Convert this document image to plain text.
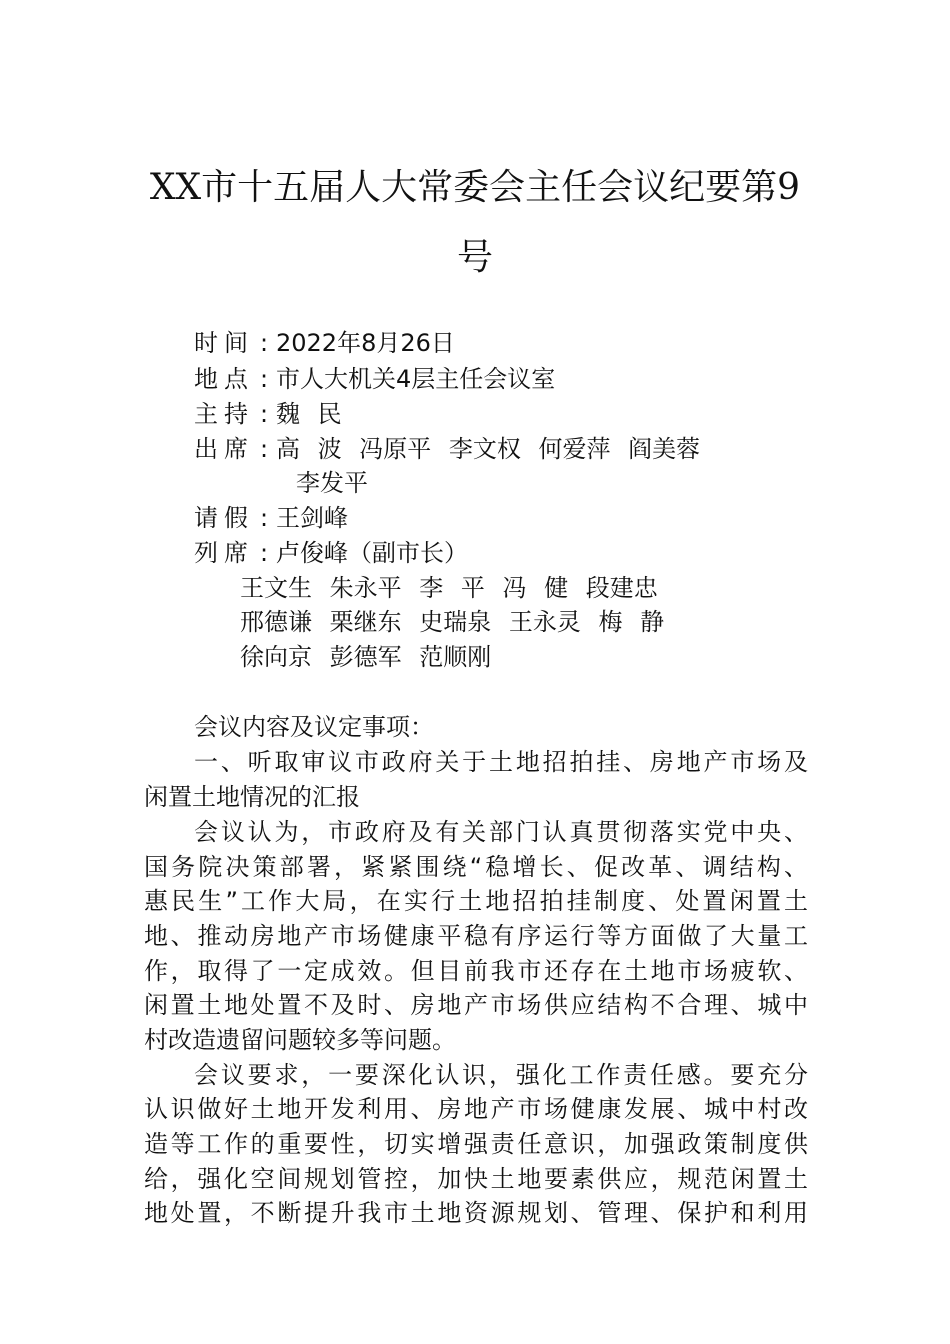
XX市十五届人大常委会主任会议纪要第9
号
时间 : 2022年8月26日
地点 : 市人大机关4层主任会议室
主持 : 魏 民
出席 : 高 波 冯原平 李文权 何爱萍 阎美蓉
李发平
请假 : 王剑峰
列席 : 卢俊峰（副市长）
王文生 朱永平 李 平 冯 健 段建忠
邢德谦 栗继东 史瑞泉 王永灵 梅 静
徐向京 彭德军 范顺刚
会议内容及议定事项：
一、听取审议市政府关于土地招拍挂、房地产市场及
闲置土地情况的汇报
会议认为，市政府及有关部门认真贯彻落实党中央、
国务院决策部署，紧紧围绕“稳增长、促改革、调结构、
惠民生”工作大局，在实行土地招拍挂制度、处置闲置土
地、推动房地产市场健康平稳有序运行等方面做了大量工
作，取得了一定成效。但目前我市还存在土地市场疲软、
闲置土地处置不及时、房地产市场供应结构不合理、城中
村改造遗留问题较多等问题。
会议要求，一要深化认识，强化工作责任感。要充分
认识做好土地开发利用、房地产市场健康发展、城中村改
造等工作的重要性，切实增强责任意识，加强政策制度供
给，强化空间规划管控，加快土地要素供应，规范闲置土
地处置，不断提升我市土地资源规划、管理、保护和利用
